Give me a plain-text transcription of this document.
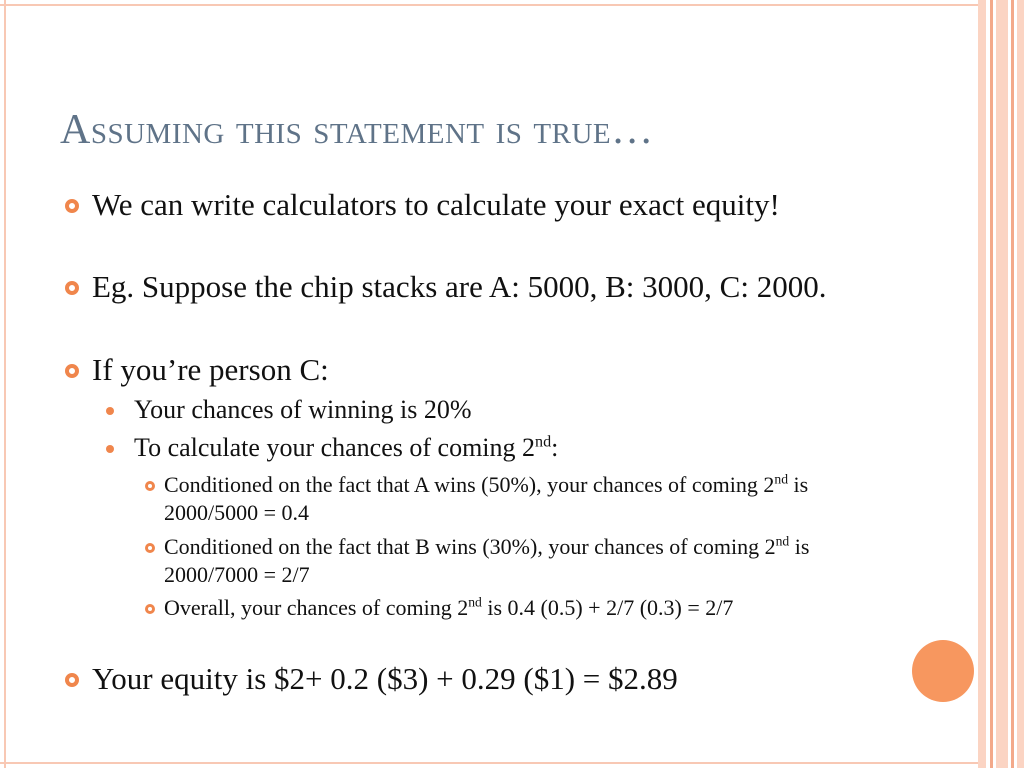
Assuming this statement is true…
We can write calculators to calculate your exact equity!
Eg. Suppose the chip stacks are A: 5000, B: 3000, C: 2000.
If you’re person C:
Your chances of winning is 20%
To calculate your chances of coming 2nd:
Conditioned on the fact that A wins (50%), your chances of coming 2nd is 2000/5000 = 0.4
Conditioned on the fact that B wins (30%), your chances of coming 2nd is 2000/7000 = 2/7
Overall, your chances of coming 2nd is 0.4 (0.5) + 2/7 (0.3) = 2/7
Your equity is $2+ 0.2 ($3) + 0.29 ($1) = $2.89
